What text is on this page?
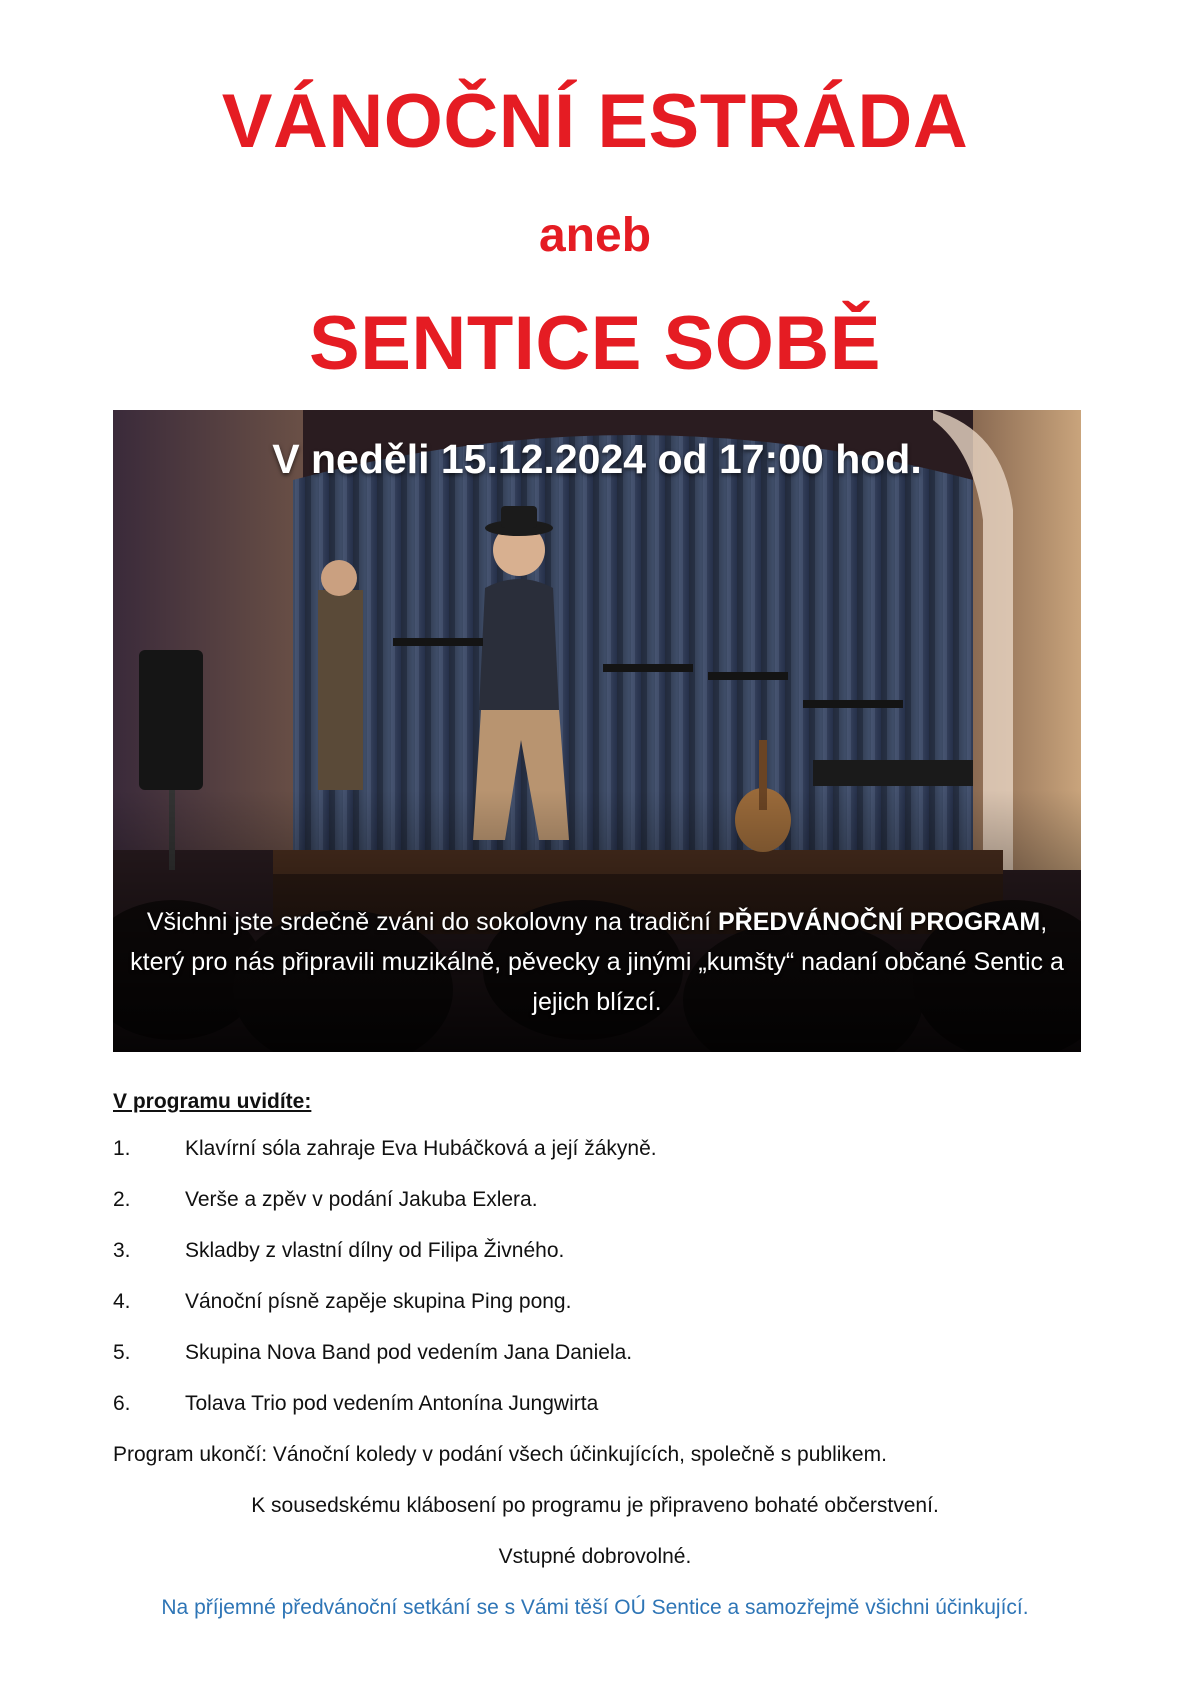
VÁNOČNÍ ESTRÁDA
aneb
SENTICE SOBĚ
V neděli 15.12.2024 od 17:00 hod.
Všichni jste srdečně zváni do sokolovny na tradiční PŘEDVÁNOČNÍ PROGRAM, který pro nás připravili muzikálně, pěvecky a jinými „kumšty“ nadaní občané Sentic a jejich blízcí.
V programu uvidíte:
1.	Klavírní sóla zahraje Eva Hubáčková a její žákyně.
2.	Verše a zpěv v podání Jakuba Exlera.
3.	Skladby z vlastní dílny od Filipa Živného.
4.	Vánoční písně zapěje skupina Ping pong.
5.	Skupina Nova Band pod vedením Jana Daniela.
6.	Tolava Trio pod vedením Antonína Jungwirta
Program ukončí: Vánoční koledy v podání všech účinkujících, společně s publikem.
K sousedskému klábosení po programu je připraveno bohaté občerstvení.
Vstupné dobrovolné.
Na příjemné předvánoční setkání se s Vámi těší OÚ Sentice a samozřejmě všichni účinkující.
